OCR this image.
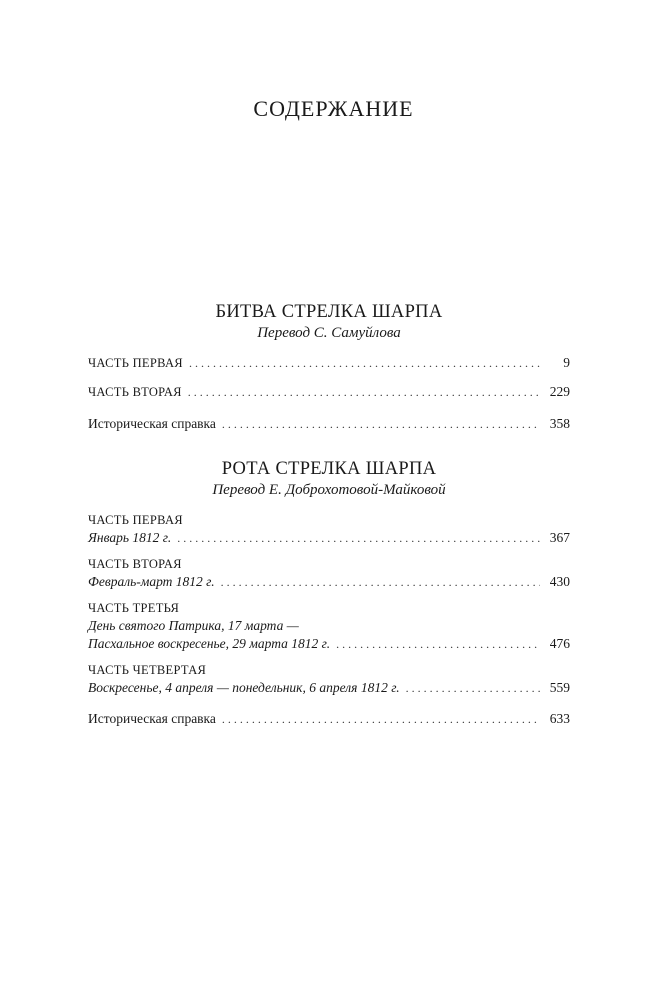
содержание
БИТВА СТРЕЛКА ШАРПА
Перевод С. Самуйлова
ЧАСТЬ ПЕРВАЯ . . .	9
ЧАСТЬ ВТОРАЯ . . .	229
Историческая справка . . .	358
РОТА СТРЕЛКА ШАРПА
Перевод Е. Доброхотовой-Майковой
ЧАСТЬ ПЕРВАЯ
Январь 1812 г. . . .	367
ЧАСТЬ ВТОРАЯ
Февраль-март 1812 г. . . .	430
ЧАСТЬ ТРЕТЬЯ
День святого Патрика, 17 марта —
Пасхальное воскресенье, 29 марта 1812 г. . . .	476
ЧАСТЬ ЧЕТВЕРТАЯ
Воскресенье, 4 апреля — понедельник, 6 апреля 1812 г. . . .	559
Историческая справка . . .	633
